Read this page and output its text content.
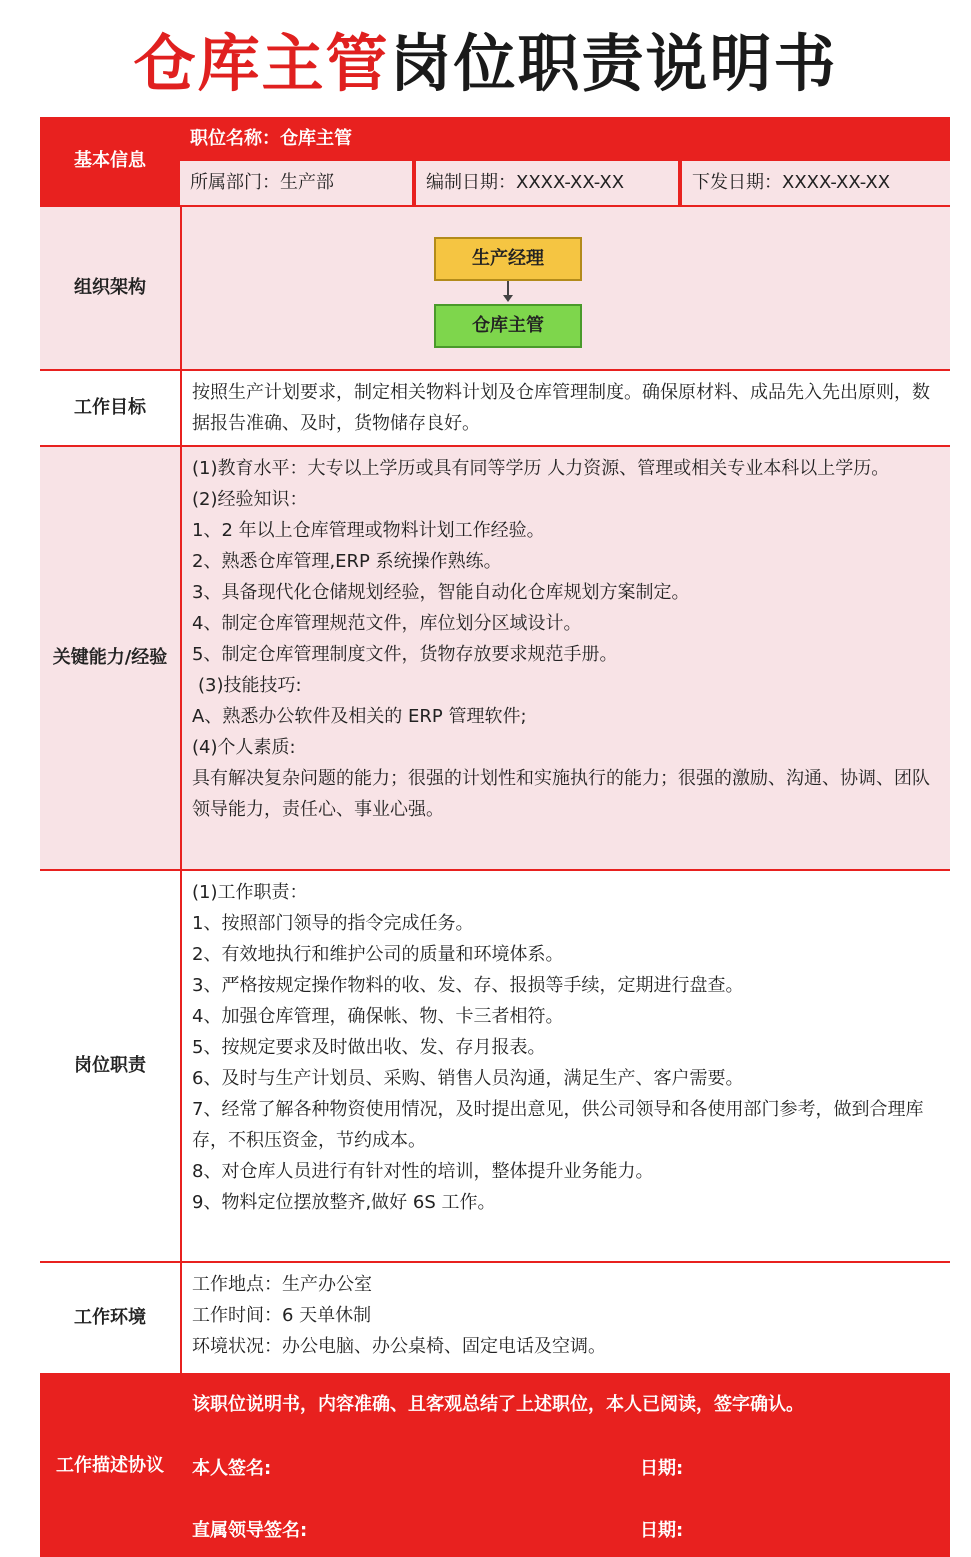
仓库主管岗位职责说明书
基本信息
职位名称：仓库主管
所属部门：生产部	编制日期：XXXX-XX-XX	下发日期：XXXX-XX-XX
组织架构
生产经理
仓库主管
工作目标
按照生产计划要求，制定相关物料计划及仓库管理制度。确保原材料、成品先入先出原则，数据报告准确、及时，货物储存良好。
关键能力/经验
(1)教育水平：大专以上学历或具有同等学历 人力资源、管理或相关专业本科以上学历。
(2)经验知识：
1、2 年以上仓库管理或物料计划工作经验。
2、熟悉仓库管理,ERP 系统操作熟练。
3、具备现代化仓储规划经验，智能自动化仓库规划方案制定。
4、制定仓库管理规范文件，库位划分区域设计。
5、制定仓库管理制度文件，货物存放要求规范手册。
(3)技能技巧:
A、熟悉办公软件及相关的 ERP 管理软件;
(4)个人素质:
具有解决复杂问题的能力；很强的计划性和实施执行的能力；很强的激励、沟通、协调、团队领导能力，责任心、事业心强。
岗位职责
(1)工作职责：
1、按照部门领导的指令完成任务。
2、有效地执行和维护公司的质量和环境体系。
3、严格按规定操作物料的收、发、存、报损等手续，定期进行盘查。
4、加强仓库管理，确保帐、物、卡三者相符。
5、按规定要求及时做出收、发、存月报表。
6、及时与生产计划员、采购、销售人员沟通，满足生产、客户需要。
7、经常了解各种物资使用情况，及时提出意见，供公司领导和各使用部门参考，做到合理库存，不积压资金，节约成本。
8、对仓库人员进行有针对性的培训，整体提升业务能力。
9、物料定位摆放整齐,做好 6S 工作。
工作环境
工作地点：生产办公室
工作时间：6 天单休制
环境状况：办公电脑、办公桌椅、固定电话及空调。
工作描述协议
该职位说明书，内容准确、且客观总结了上述职位，本人已阅读，签字确认。
本人签名:	日期:
直属领导签名:	日期:
